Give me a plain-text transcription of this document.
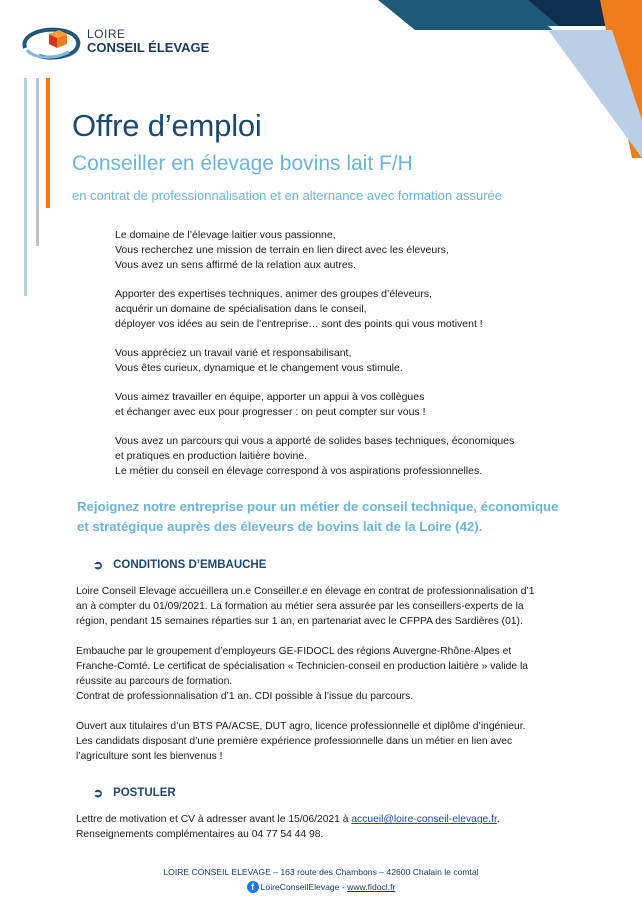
LOIRE
CONSEIL ÉLEVAGE
Offre d’emploi
Conseiller en élevage bovins lait F/H
en contrat de professionnalisation et en alternance avec formation assurée
Le domaine de l’élevage laitier vous passionne,
Vous recherchez une mission de terrain en lien direct avec les éleveurs,
Vous avez un sens affirmé de la relation aux autres.
Apporter des expertises techniques, animer des groupes d’éleveurs,
acquérir un domaine de spécialisation dans le conseil,
déployer vos idées au sein de l’entreprise… sont des points qui vous motivent !
Vous appréciez un travail varié et responsabilisant,
Vous êtes curieux, dynamique et le changement vous stimule.
Vous aimez travailler en équipe, apporter un appui à vos collègues
et échanger avec eux pour progresser : on peut compter sur vous !
Vous avez un parcours qui vous a apporté de solides bases techniques, économiques
et pratiques en production laitière bovine.
Le métier du conseil en élevage correspond à vos aspirations professionnelles.
Rejoignez notre entreprise pour un métier de conseil technique, économique
et stratégique auprès des éleveurs de bovins lait de la Loire (42).
➲ CONDITIONS D’EMBAUCHE
Loire Conseil Elevage accueillera un.e Conseiller.e en élevage en contrat de professionnalisation d’1
an à compter du 01/09/2021. La formation au métier sera assurée par les conseillers-experts de la
région, pendant 15 semaines réparties sur 1 an, en partenariat avec le CFPPA des Sardières (01).
Embauche par le groupement d’employeurs GE-FIDOCL des régions Auvergne-Rhône-Alpes et
Franche-Comté. Le certificat de spécialisation « Technicien-conseil en production laitière » valide la
réussite au parcours de formation.
Contrat de professionnalisation d’1 an. CDI possible à l’issue du parcours.
Ouvert aux titulaires d’un BTS PA/ACSE, DUT agro, licence professionnelle et diplôme d’ingénieur.
Les candidats disposant d’une première expérience professionnelle dans un métier en lien avec
l’agriculture sont les bienvenus !
➲ POSTULER
Lettre de motivation et CV à adresser avant le 15/06/2021 à accueil@loire-conseil-elevage.fr.
Renseignements complémentaires au 04 77 54 44 98.
LOIRE CONSEIL ELEVAGE – 163 route des Chambons – 42600 Chalain le comtal
f LoireConseilElevage - www.fidocl.fr
